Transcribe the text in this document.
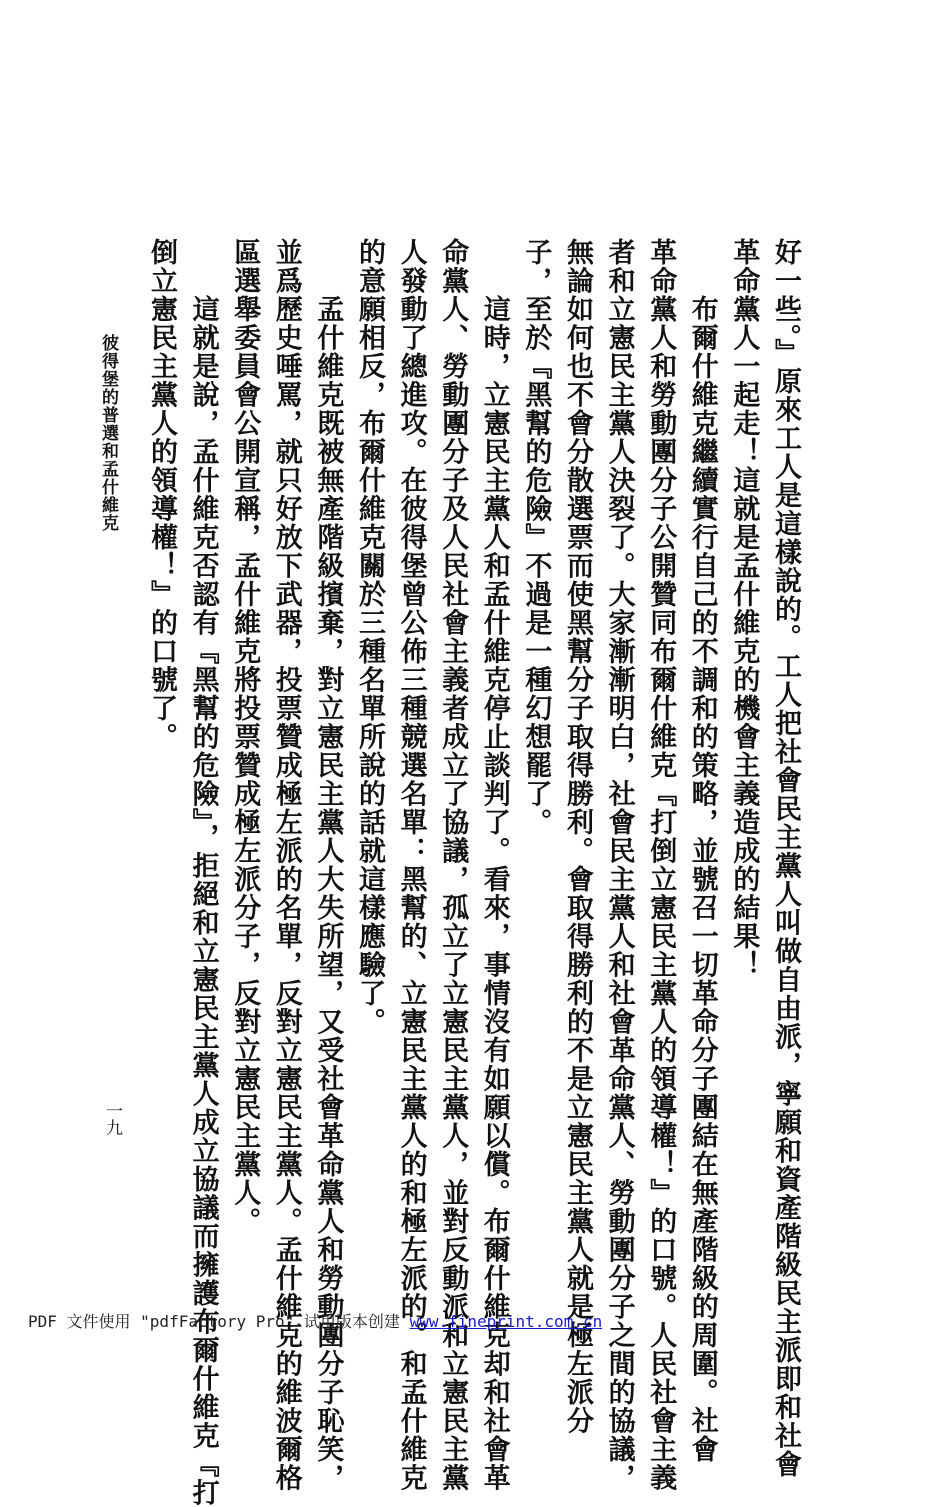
好一些。』原來工人是這樣說的。工人把社會民主黨人叫做自由派，寧願和資產階級民主派即和社會
革命黨人一起走！這就是孟什維克的機會主義造成的結果！
　　布爾什維克繼續實行自己的不調和的策略，並號召一切革命分子團結在無產階級的周圍。社會
革命黨人和勞動團分子公開贊同布爾什維克『打倒立憲民主黨人的領導權！』的口號。人民社會主義
者和立憲民主黨人決裂了。大家漸漸明白，社會民主黨人和社會革命黨人、勞動團分子之間的協議，
無論如何也不會分散選票而使黑幫分子取得勝利。會取得勝利的不是立憲民主黨人就是極左派分
子，至於『黑幫的危險』不過是一種幻想罷了。
　　這時，立憲民主黨人和孟什維克停止談判了。看來，事情沒有如願以償。布爾什維克却和社會革
命黨人、勞動團分子及人民社會主義者成立了協議，孤立了立憲民主黨人，並對反動派和立憲民主黨
人發動了總進攻。在彼得堡曾公佈三種競選名單：黑幫的、立憲民主黨人的和極左派的。和孟什維克
的意願相反，布爾什維克關於三種名單所說的話就這樣應驗了。
　　孟什維克既被無產階級擯棄，對立憲民主黨人大失所望，又受社會革命黨人和勞動團分子恥笑，
並爲歷史唾罵，就只好放下武器，投票贊成極左派的名單，反對立憲民主黨人。孟什維克的維波爾格
區選舉委員會公開宣稱，孟什維克將投票贊成極左派分子，反對立憲民主黨人。
　　這就是說，孟什維克否認有『黑幫的危險』，拒絕和立憲民主黨人成立協議而擁護布爾什維克『打
倒立憲民主黨人的領導權！』的口號了。
彼得堡的普選和孟什維克
一九
PDF 文件使用 "pdfFactory Pro" 试用版本创建 www.fineprint.com.cn
